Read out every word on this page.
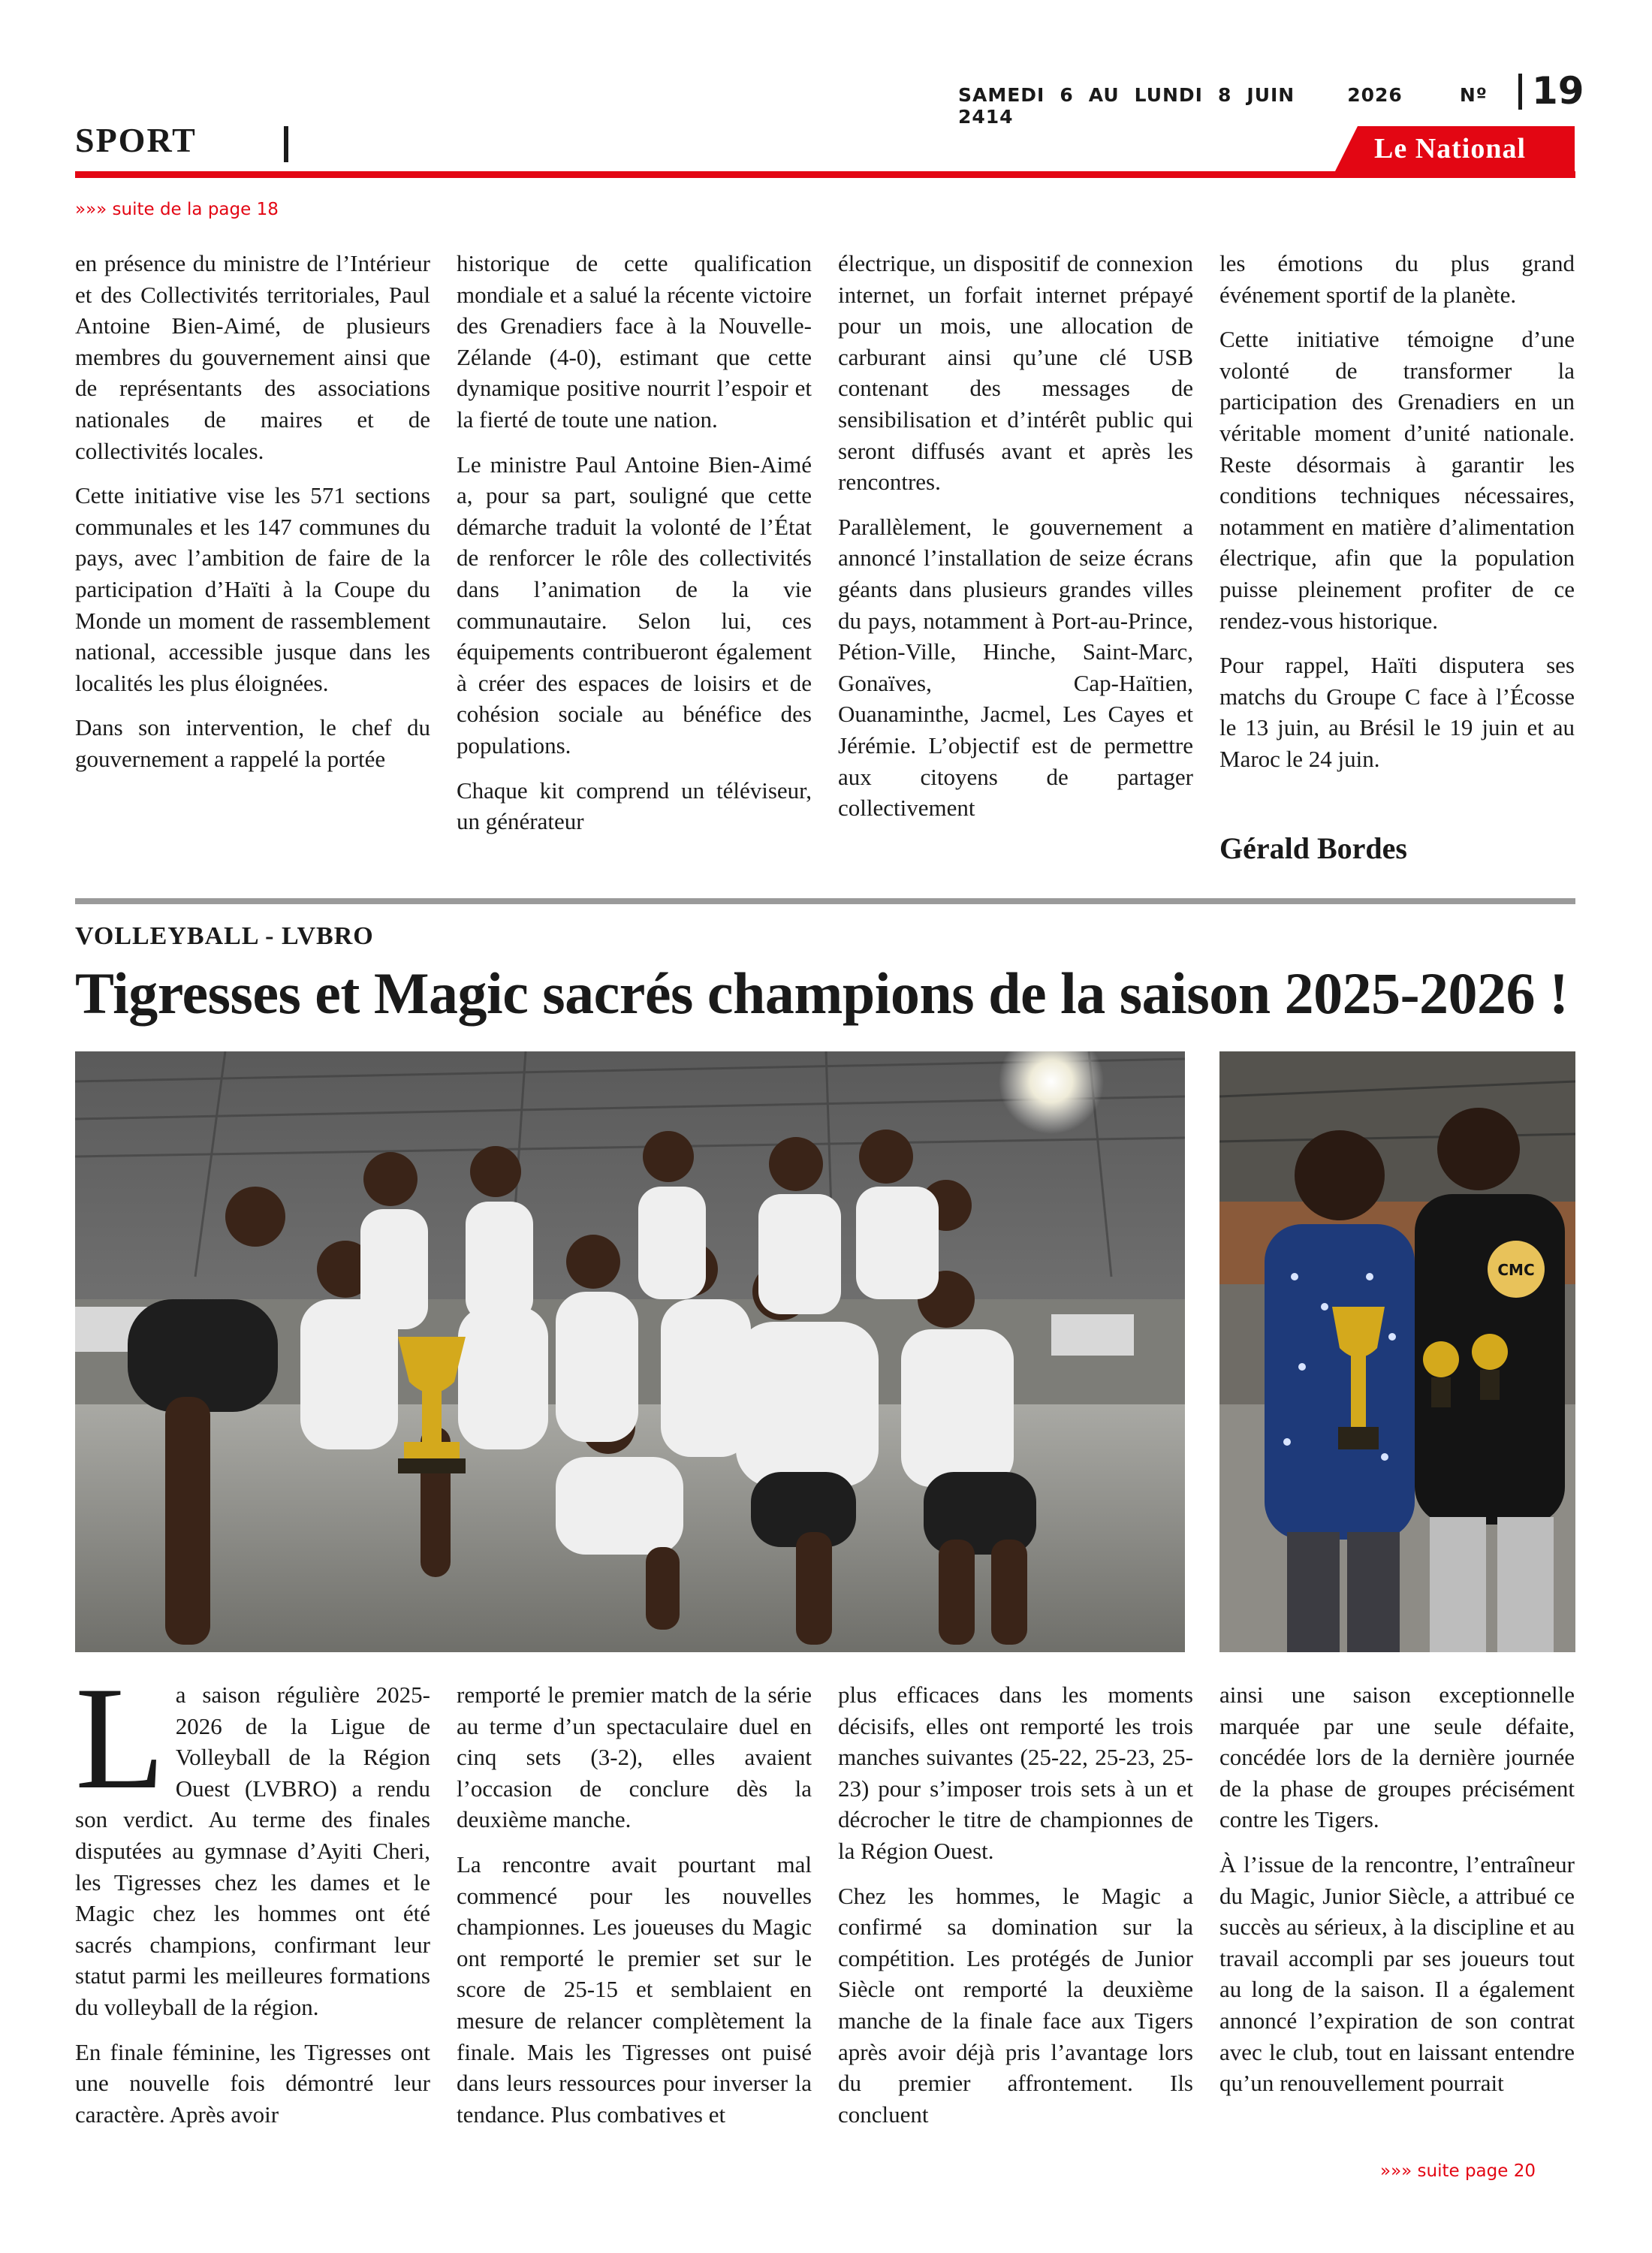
SAMEDI 6 AU LUNDI 8 JUIN	2026	Nº 2414
19
SPORT	Le National
»»» suite de la page 18

en présence du ministre de l’Intérieur et des Collectivités territoriales, Paul Antoine Bien-Aimé, de plusieurs membres du gouvernement ainsi que de représentants des associations nationales de maires et de collectivités locales.

Cette initiative vise les 571 sections communales et les 147 communes du pays, avec l’ambition de faire de la participation d’Haïti à la Coupe du Monde un moment de rassemblement national, accessible jusque dans les localités les plus éloignées.

Dans son intervention, le chef du gouvernement a rappelé la portée

historique de cette qualification mondiale et a salué la récente victoire des Grenadiers face à la Nouvelle-Zélande (4-0), estimant que cette dynamique positive nourrit l’espoir et la fierté de toute une nation.

Le ministre Paul Antoine Bien-Aimé a, pour sa part, souligné que cette démarche traduit la volonté de l’État de renforcer le rôle des collectivités dans l’animation de la vie communautaire. Selon lui, ces équipements contribueront également à créer des espaces de loisirs et de cohésion sociale au bénéfice des populations.

Chaque kit comprend un téléviseur, un générateur

électrique, un dispositif de connexion internet, un forfait internet prépayé pour un mois, une allocation de carburant ainsi qu’une clé USB contenant des messages de sensibilisation et d’intérêt public qui seront diffusés avant et après les rencontres.

Parallèlement, le gouvernement a annoncé l’installation de seize écrans géants dans plusieurs grandes villes du pays, notamment à Port-au-Prince, Pétion-Ville, Hinche, Saint-Marc, Gonaïves, Cap-Haïtien, Ouanaminthe, Jacmel, Les Cayes et Jérémie. L’objectif est de permettre aux citoyens de partager collectivement

les émotions du plus grand événement sportif de la planète.

Cette initiative témoigne d’une volonté de transformer la participation des Grenadiers en un véritable moment d’unité nationale. Reste désormais à garantir les conditions techniques nécessaires, notamment en matière d’alimentation électrique, afin que la population puisse pleinement profiter de ce rendez-vous historique.

Pour rappel, Haïti disputera ses matchs du Groupe C face à l’Écosse le 13 juin, au Brésil le 19 juin et au Maroc le 24 juin.

Gérald Bordes
VOLLEYBALL - LVBRO
Tigresses et Magic sacrés champions de la saison 2025-2026 !
CMC

La saison régulière 2025-2026 de la Ligue de Volleyball de la Région Ouest (LVBRO) a rendu son verdict. Au terme des finales disputées au gymnase d’Ayiti Cheri, les Tigresses chez les dames et le Magic chez les hommes ont été sacrés champions, confirmant leur statut parmi les meilleures formations du volleyball de la région.

En finale féminine, les Tigresses ont une nouvelle fois démontré leur caractère. Après avoir

remporté le premier match de la série au terme d’un spectaculaire duel en cinq sets (3-2), elles avaient l’occasion de conclure dès la deuxième manche.

La rencontre avait pourtant mal commencé pour les nouvelles championnes. Les joueuses du Magic ont remporté le premier set sur le score de 25-15 et semblaient en mesure de relancer complètement la finale. Mais les Tigresses ont puisé dans leurs ressources pour inverser la tendance. Plus combatives et

plus efficaces dans les moments décisifs, elles ont remporté les trois manches suivantes (25-22, 25-23, 25-23) pour s’imposer trois sets à un et décrocher le titre de championnes de la Région Ouest.

Chez les hommes, le Magic a confirmé sa domination sur la compétition. Les protégés de Junior Siècle ont remporté la deuxième manche de la finale face aux Tigers après avoir déjà pris l’avantage lors du premier affrontement. Ils concluent

ainsi une saison exceptionnelle marquée par une seule défaite, concédée lors de la dernière journée de la phase de groupes précisément contre les Tigers.

À l’issue de la rencontre, l’entraîneur du Magic, Junior Siècle, a attribué ce succès au sérieux, à la discipline et au travail accompli par ses joueurs tout au long de la saison. Il a également annoncé l’expiration de son contrat avec le club, tout en laissant entendre qu’un renouvellement pourrait

»»» suite page 20
